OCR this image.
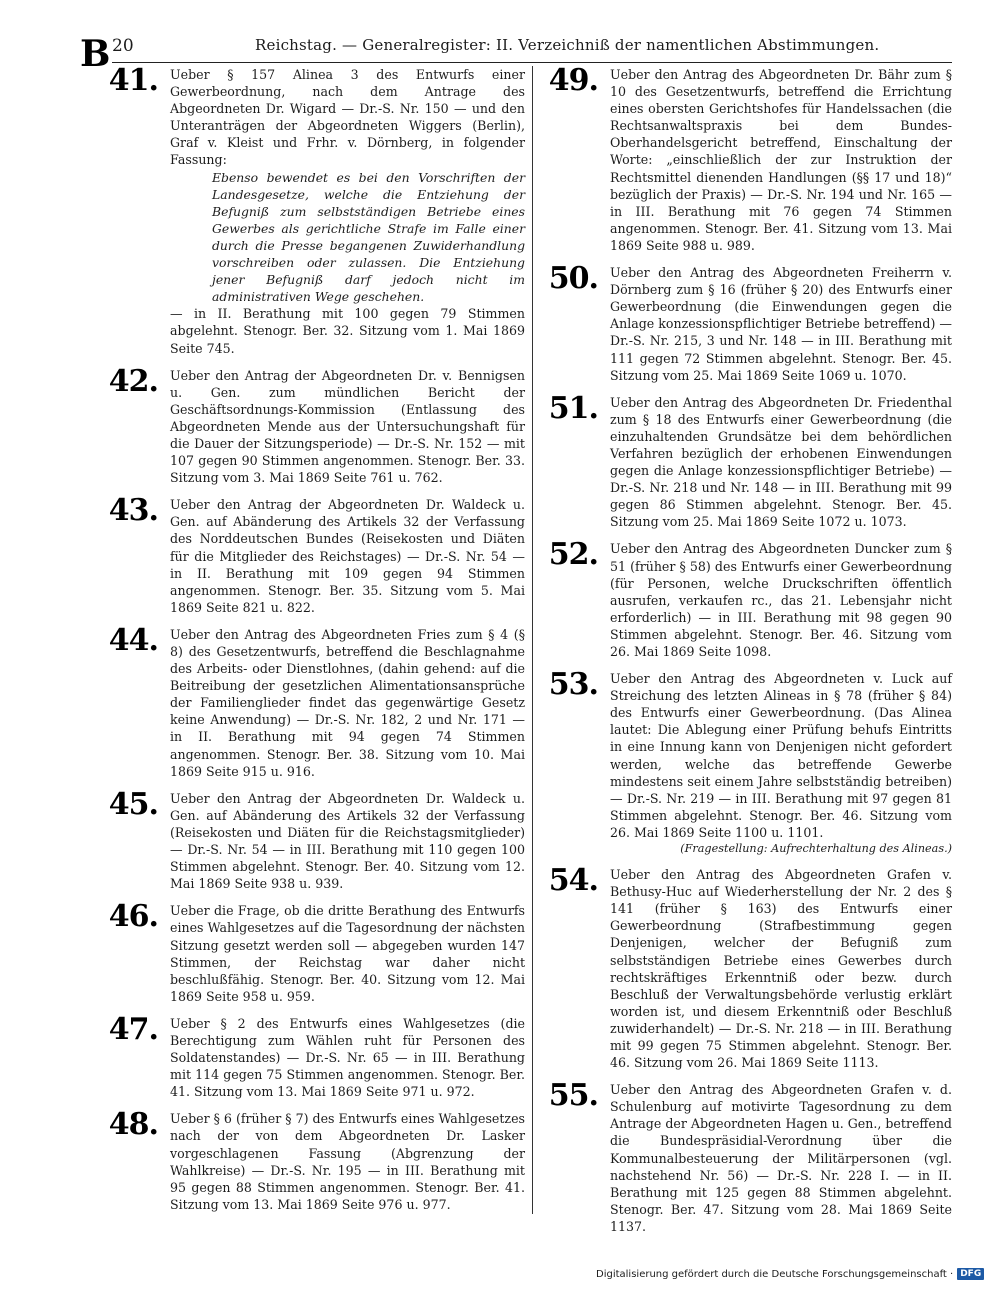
B 20	Reichstag. — Generalregister: II. Verzeichniß der namentlichen Abstimmungen.
41. Ueber § 157 Alinea 3 des Entwurfs einer Gewerbeordnung, nach dem Antrage des Abgeordneten Dr. Wigard — Dr.-S. Nr. 150 — und den Unteranträgen der Abgeordneten Wiggers (Berlin), Graf v. Kleist und Frhr. v. Dörnberg, in folgender Fassung:
Ebenso bewendet es bei den Vorschriften der Landesgesetze, welche die Entziehung der Befugniß zum selbstständigen Betriebe eines Gewerbes als gerichtliche Strafe im Falle einer durch die Presse begangenen Zuwiderhandlung vorschreiben oder zulassen. Die Entziehung jener Befugniß darf jedoch nicht im administrativen Wege geschehen.
— in II. Berathung mit 100 gegen 79 Stimmen abgelehnt. Stenogr. Ber. 32. Sitzung vom 1. Mai 1869 Seite 745.
42. Ueber den Antrag der Abgeordneten Dr. v. Bennigsen u. Gen. zum mündlichen Bericht der Geschäftsordnungs-Kommission (Entlassung des Abgeordneten Mende aus der Untersuchungshaft für die Dauer der Sitzungsperiode) — Dr.-S. Nr. 152 — mit 107 gegen 90 Stimmen angenommen. Stenogr. Ber. 33. Sitzung vom 3. Mai 1869 Seite 761 u. 762.
43. Ueber den Antrag der Abgeordneten Dr. Waldeck u. Gen. auf Abänderung des Artikels 32 der Verfassung des Norddeutschen Bundes (Reisekosten und Diäten für die Mitglieder des Reichstages) — Dr.-S. Nr. 54 — in II. Berathung mit 109 gegen 94 Stimmen angenommen. Stenogr. Ber. 35. Sitzung vom 5. Mai 1869 Seite 821 u. 822.
44. Ueber den Antrag des Abgeordneten Fries zum § 4 (§ 8) des Gesetzentwurfs, betreffend die Beschlagnahme des Arbeits- oder Dienstlohnes, (dahin gehend: auf die Beitreibung der gesetzlichen Alimentationsansprüche der Familienglieder findet das gegenwärtige Gesetz keine Anwendung) — Dr.-S. Nr. 182, 2 und Nr. 171 — in II. Berathung mit 94 gegen 74 Stimmen angenommen. Stenogr. Ber. 38. Sitzung vom 10. Mai 1869 Seite 915 u. 916.
45. Ueber den Antrag der Abgeordneten Dr. Waldeck u. Gen. auf Abänderung des Artikels 32 der Verfassung (Reisekosten und Diäten für die Reichstagsmitglieder) — Dr.-S. Nr. 54 — in III. Berathung mit 110 gegen 100 Stimmen abgelehnt. Stenogr. Ber. 40. Sitzung vom 12. Mai 1869 Seite 938 u. 939.
46. Ueber die Frage, ob die dritte Berathung des Entwurfs eines Wahlgesetzes auf die Tagesordnung der nächsten Sitzung gesetzt werden soll — abgegeben wurden 147 Stimmen, der Reichstag war daher nicht beschlußfähig. Stenogr. Ber. 40. Sitzung vom 12. Mai 1869 Seite 958 u. 959.
47. Ueber § 2 des Entwurfs eines Wahlgesetzes (die Berechtigung zum Wählen ruht für Personen des Soldatenstandes) — Dr.-S. Nr. 65 — in III. Berathung mit 114 gegen 75 Stimmen angenommen. Stenogr. Ber. 41. Sitzung vom 13. Mai 1869 Seite 971 u. 972.
48. Ueber § 6 (früher § 7) des Entwurfs eines Wahlgesetzes nach der von dem Abgeordneten Dr. Lasker vorgeschlagenen Fassung (Abgrenzung der Wahlkreise) — Dr.-S. Nr. 195 — in III. Berathung mit 95 gegen 88 Stimmen angenommen. Stenogr. Ber. 41. Sitzung vom 13. Mai 1869 Seite 976 u. 977.
49. Ueber den Antrag des Abgeordneten Dr. Bähr zum § 10 des Gesetzentwurfs, betreffend die Errichtung eines obersten Gerichtshofes für Handelssachen (die Rechtsanwaltspraxis bei dem Bundes-Oberhandelsgericht betreffend, Einschaltung der Worte: „einschließlich der zur Instruktion der Rechtsmittel dienenden Handlungen (§§ 17 und 18)“ bezüglich der Praxis) — Dr.-S. Nr. 194 und Nr. 165 — in III. Berathung mit 76 gegen 74 Stimmen angenommen. Stenogr. Ber. 41. Sitzung vom 13. Mai 1869 Seite 988 u. 989.
50. Ueber den Antrag des Abgeordneten Freiherrn v. Dörnberg zum § 16 (früher § 20) des Entwurfs einer Gewerbeordnung (die Einwendungen gegen die Anlage konzessionspflichtiger Betriebe betreffend) — Dr.-S. Nr. 215, 3 und Nr. 148 — in III. Berathung mit 111 gegen 72 Stimmen abgelehnt. Stenogr. Ber. 45. Sitzung vom 25. Mai 1869 Seite 1069 u. 1070.
51. Ueber den Antrag des Abgeordneten Dr. Friedenthal zum § 18 des Entwurfs einer Gewerbeordnung (die einzuhaltenden Grundsätze bei dem behördlichen Verfahren bezüglich der erhobenen Einwendungen gegen die Anlage konzessionspflichtiger Betriebe) — Dr.-S. Nr. 218 und Nr. 148 — in III. Berathung mit 99 gegen 86 Stimmen abgelehnt. Stenogr. Ber. 45. Sitzung vom 25. Mai 1869 Seite 1072 u. 1073.
52. Ueber den Antrag des Abgeordneten Duncker zum § 51 (früher § 58) des Entwurfs einer Gewerbeordnung (für Personen, welche Druckschriften öffentlich ausrufen, verkaufen rc., das 21. Lebensjahr nicht erforderlich) — in III. Berathung mit 98 gegen 90 Stimmen abgelehnt. Stenogr. Ber. 46. Sitzung vom 26. Mai 1869 Seite 1098.
53. Ueber den Antrag des Abgeordneten v. Luck auf Streichung des letzten Alineas in § 78 (früher § 84) des Entwurfs einer Gewerbeordnung. (Das Alinea lautet: Die Ablegung einer Prüfung behufs Eintritts in eine Innung kann von Denjenigen nicht gefordert werden, welche das betreffende Gewerbe mindestens seit einem Jahre selbstständig betreiben) — Dr.-S. Nr. 219 — in III. Berathung mit 97 gegen 81 Stimmen abgelehnt. Stenogr. Ber. 46. Sitzung vom 26. Mai 1869 Seite 1100 u. 1101.
(Fragestellung: Aufrechterhaltung des Alineas.)
54. Ueber den Antrag des Abgeordneten Grafen v. Bethusy-Huc auf Wiederherstellung der Nr. 2 des § 141 (früher § 163) des Entwurfs einer Gewerbeordnung (Strafbestimmung gegen Denjenigen, welcher der Befugniß zum selbstständigen Betriebe eines Gewerbes durch rechtskräftiges Erkenntniß oder bezw. durch Beschluß der Verwaltungsbehörde verlustig erklärt worden ist, und diesem Erkenntniß oder Beschluß zuwiderhandelt) — Dr.-S. Nr. 218 — in III. Berathung mit 99 gegen 75 Stimmen abgelehnt. Stenogr. Ber. 46. Sitzung vom 26. Mai 1869 Seite 1113.
55. Ueber den Antrag des Abgeordneten Grafen v. d. Schulenburg auf motivirte Tagesordnung zu dem Antrage der Abgeordneten Hagen u. Gen., betreffend die Bundespräsidial-Verordnung über die Kommunalbesteuerung der Militärpersonen (vgl. nachstehend Nr. 56) — Dr.-S. Nr. 228 I. — in II. Berathung mit 125 gegen 88 Stimmen abgelehnt. Stenogr. Ber. 47. Sitzung vom 28. Mai 1869 Seite 1137.
Digitalisierung gefördert durch die Deutsche Forschungsgemeinschaft · DFG
